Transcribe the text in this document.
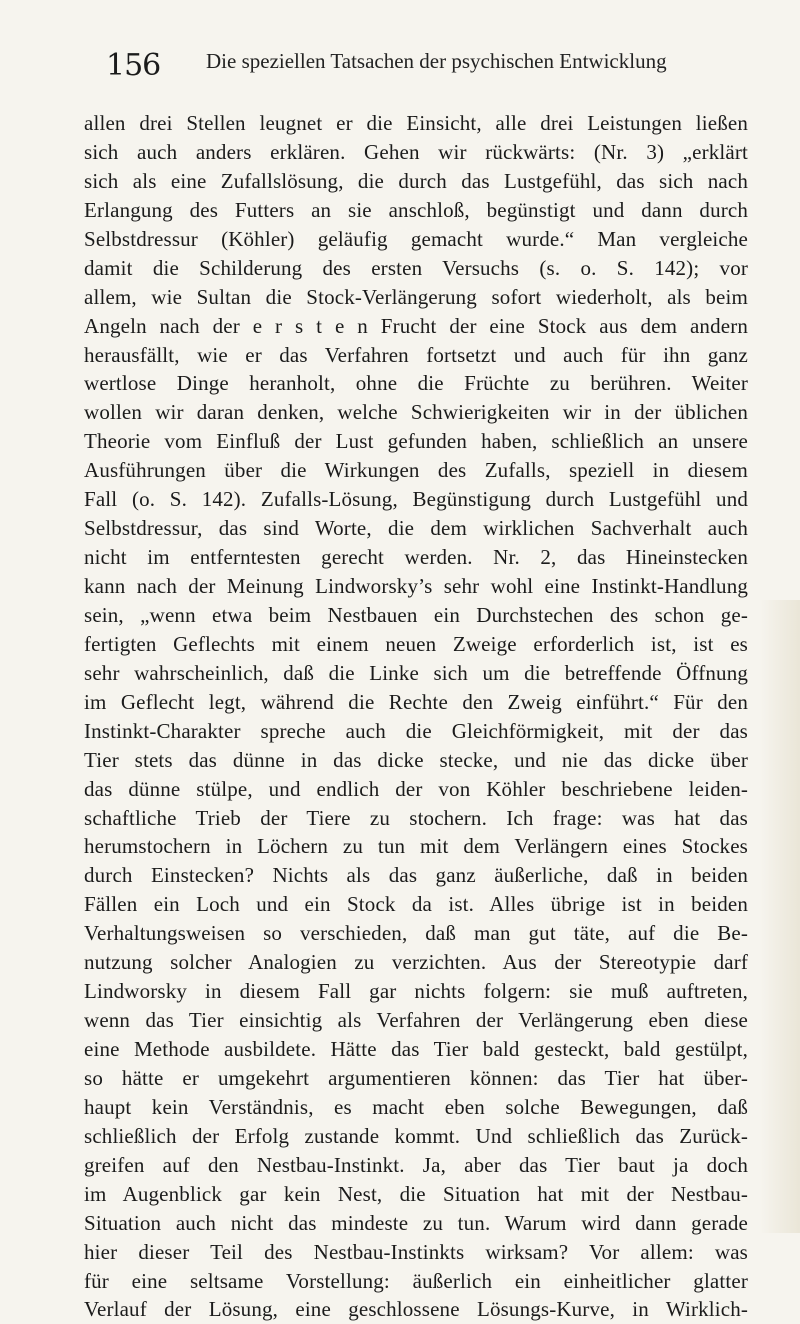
156 Die speziellen Tatsachen der psychischen Entwicklung
allen drei Stellen leugnet er die Einsicht, alle drei Leistungen ließen
sich auch anders erklären. Gehen wir rückwärts: (Nr. 3) „erklärt
sich als eine Zufallslösung, die durch das Lustgefühl, das sich nach
Erlangung des Futters an sie anschloß, begünstigt und dann durch
Selbstdressur (Köhler) geläufig gemacht wurde.“ Man vergleiche
damit die Schilderung des ersten Versuchs (s. o. S. 142); vor
allem, wie Sultan die Stock-Verlängerung sofort wiederholt, als beim
Angeln nach der e r s t e n Frucht der eine Stock aus dem andern
herausfällt, wie er das Verfahren fortsetzt und auch für ihn ganz
wertlose Dinge heranholt, ohne die Früchte zu berühren. Weiter
wollen wir daran denken, welche Schwierigkeiten wir in der üblichen
Theorie vom Einfluß der Lust gefunden haben, schließlich an unsere
Ausführungen über die Wirkungen des Zufalls, speziell in diesem
Fall (o. S. 142). Zufalls-Lösung, Begünstigung durch Lustgefühl und
Selbstdressur, das sind Worte, die dem wirklichen Sachverhalt auch
nicht im entferntesten gerecht werden. Nr. 2, das Hineinstecken
kann nach der Meinung Lindworsky’s sehr wohl eine Instinkt-Handlung
sein, „wenn etwa beim Nestbauen ein Durchstechen des schon ge-
fertigten Geflechts mit einem neuen Zweige erforderlich ist, ist es
sehr wahrscheinlich, daß die Linke sich um die betreffende Öffnung
im Geflecht legt, während die Rechte den Zweig einführt.“ Für den
Instinkt-Charakter spreche auch die Gleichförmigkeit, mit der das
Tier stets das dünne in das dicke stecke, und nie das dicke über
das dünne stülpe, und endlich der von Köhler beschriebene leiden-
schaftliche Trieb der Tiere zu stochern. Ich frage: was hat das
herumstochern in Löchern zu tun mit dem Verlängern eines Stockes
durch Einstecken? Nichts als das ganz äußerliche, daß in beiden
Fällen ein Loch und ein Stock da ist. Alles übrige ist in beiden
Verhaltungsweisen so verschieden, daß man gut täte, auf die Be-
nutzung solcher Analogien zu verzichten. Aus der Stereotypie darf
Lindworsky in diesem Fall gar nichts folgern: sie muß auftreten,
wenn das Tier einsichtig als Verfahren der Verlängerung eben diese
eine Methode ausbildete. Hätte das Tier bald gesteckt, bald gestülpt,
so hätte er umgekehrt argumentieren können: das Tier hat über-
haupt kein Verständnis, es macht eben solche Bewegungen, daß
schließlich der Erfolg zustande kommt. Und schließlich das Zurück-
greifen auf den Nestbau-Instinkt. Ja, aber das Tier baut ja doch
im Augenblick gar kein Nest, die Situation hat mit der Nestbau-
Situation auch nicht das mindeste zu tun. Warum wird dann gerade
hier dieser Teil des Nestbau-Instinkts wirksam? Vor allem: was
für eine seltsame Vorstellung: äußerlich ein einheitlicher glatter
Verlauf der Lösung, eine geschlossene Lösungs-Kurve, in Wirklich-
